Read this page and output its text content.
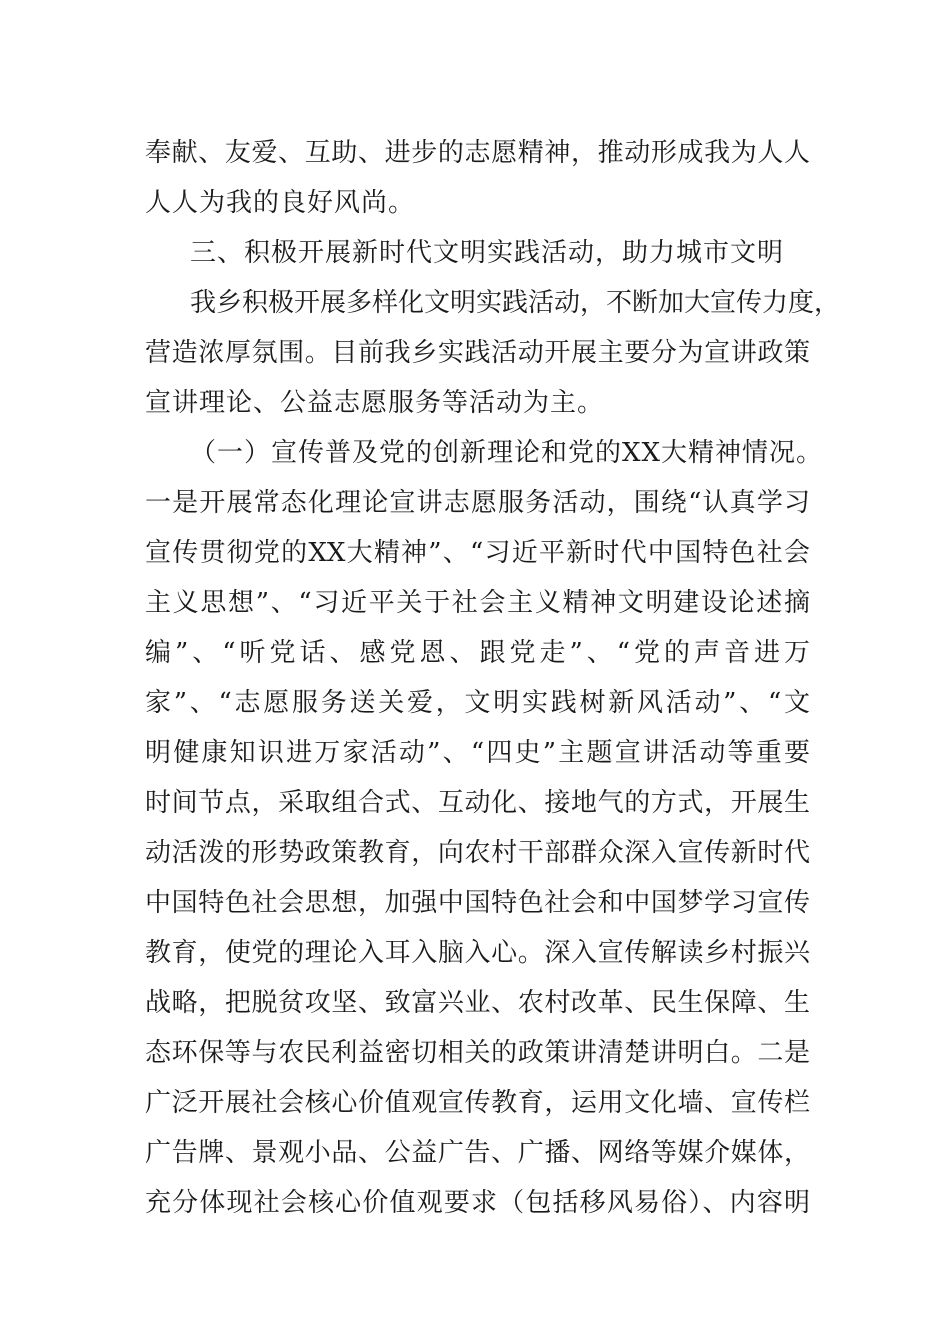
奉献、友爱、互助、进步的志愿精神，推动形成我为人人
人人为我的良好风尚。
三、积极开展新时代文明实践活动，助力城市文明
我乡积极开展多样化文明实践活动，不断加大宣传力度，
营造浓厚氛围。目前我乡实践活动开展主要分为宣讲政策
宣讲理论、公益志愿服务等活动为主。
（一）宣传普及党的创新理论和党的XX大精神情况。
一是开展常态化理论宣讲志愿服务活动，围绕“认真学习
宣传贯彻党的XX大精神”、“习近平新时代中国特色社会
主义思想”、“习近平关于社会主义精神文明建设论述摘
编”、“听党话、感党恩、跟党走”、“党的声音进万
家”、“志愿服务送关爱，文明实践树新风活动”、“文
明健康知识进万家活动”、“四史”主题宣讲活动等重要
时间节点，采取组合式、互动化、接地气的方式，开展生
动活泼的形势政策教育，向农村干部群众深入宣传新时代
中国特色社会思想，加强中国特色社会和中国梦学习宣传
教育，使党的理论入耳入脑入心。深入宣传解读乡村振兴
战略，把脱贫攻坚、致富兴业、农村改革、民生保障、生
态环保等与农民利益密切相关的政策讲清楚讲明白。二是
广泛开展社会核心价值观宣传教育，运用文化墙、宣传栏
广告牌、景观小品、公益广告、广播、网络等媒介媒体，
充分体现社会核心价值观要求（包括移风易俗）、内容明
